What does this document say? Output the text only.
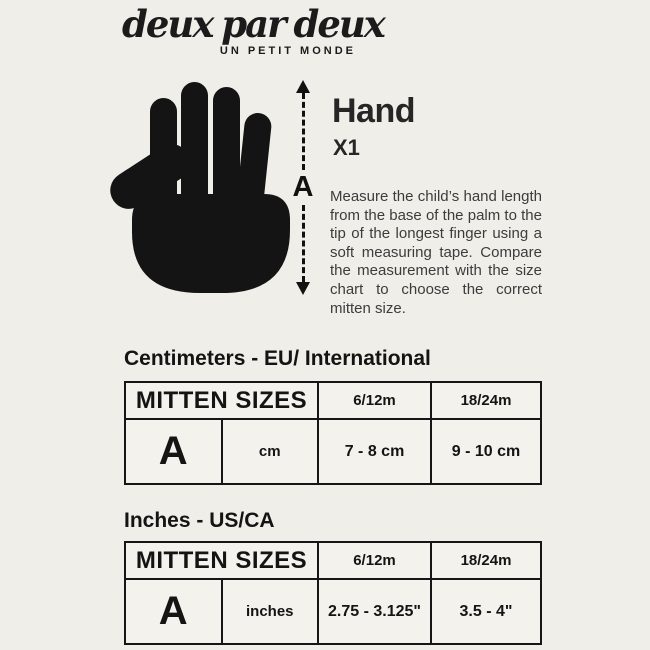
deux par deux
UN PETIT MONDE
A
Hand
X1
Measure the child’s hand length from the base of the palm to the tip of the longest finger using a soft measuring tape. Compare the measurement with the size chart to choose the correct mitten size.
Centimeters - EU/ International
MITTEN SIZES		6/12m	18/24m
A	cm	7 - 8 cm	9 - 10 cm
Inches - US/CA
MITTEN SIZES		6/12m	18/24m
A	inches	2.75 - 3.125"	3.5 - 4"
